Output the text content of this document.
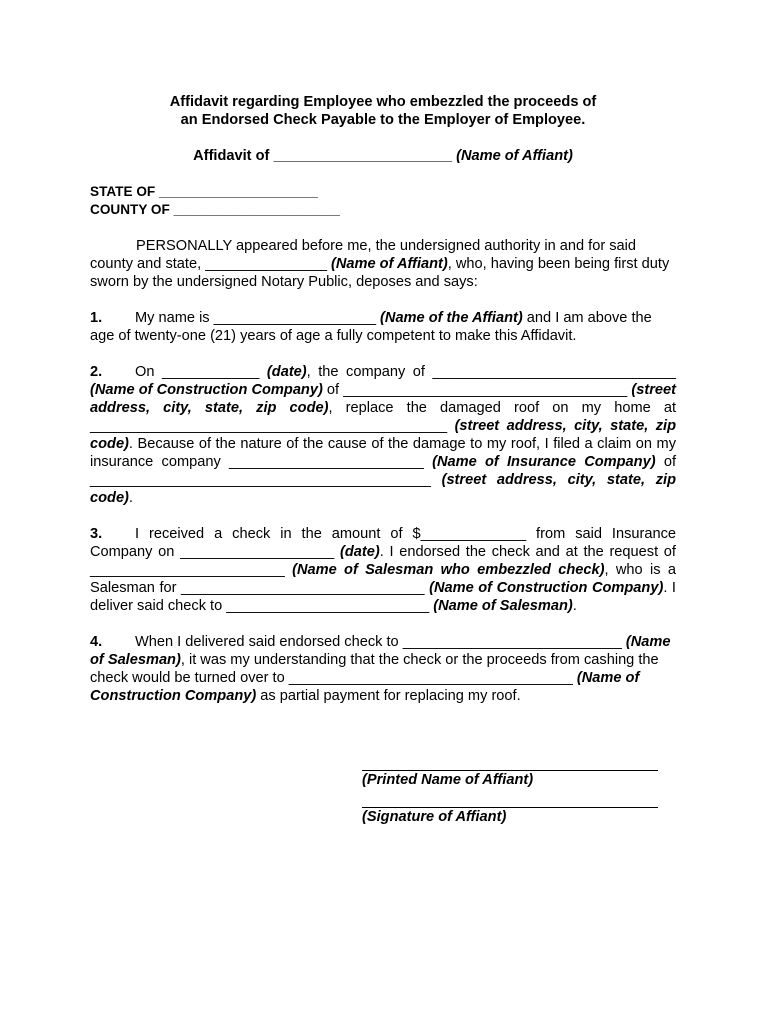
Affidavit regarding Employee who embezzled the proceeds of
an Endorsed Check Payable to the Employer of Employee.

Affidavit of ______________________ (Name of Affiant)
STATE OF _____________________
COUNTY OF ______________________
PERSONALLY appeared before me, the undersigned authority in and for said county and state, _______________ (Name of Affiant), who, having been being first duty sworn by the undersigned Notary Public, deposes and says:
1. My name is ____________________ (Name of the Affiant) and I am above the age of twenty-one (21) years of age a fully competent to make this Affidavit.
2. On ____________ (date), the company of ______________________________ (Name of Construction Company) of ___________________________________ (street address, city, state, zip code), replace the damaged roof on my home at ____________________________________________ (street address, city, state, zip code). Because of the nature of the cause of the damage to my roof, I filed a claim on my insurance company ________________________ (Name of Insurance Company) of __________________________________________ (street address, city, state, zip code).
3. I received a check in the amount of $_____________ from said Insurance Company on ___________________ (date). I endorsed the check and at the request of ________________________ (Name of Salesman who embezzled check), who is a Salesman for ______________________________ (Name of Construction Company). I deliver said check to _________________________ (Name of Salesman).
4. When I delivered said endorsed check to ___________________________ (Name of Salesman), it was my understanding that the check or the proceeds from cashing the check would be turned over to ___________________________________ (Name of Construction Company) as partial payment for replacing my roof.
(Printed Name of Affiant)
(Signature of Affiant)
